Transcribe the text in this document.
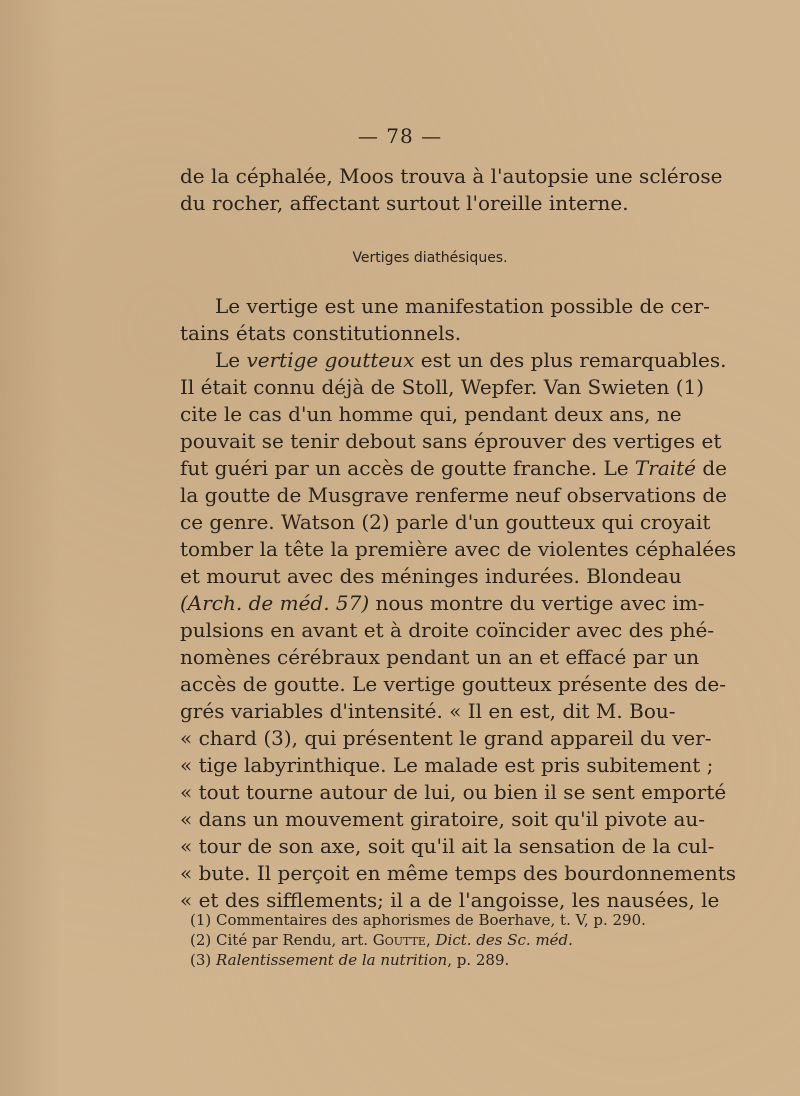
— 78 —
de la céphalée, Moos trouva à l'autopsie une sclérose
du rocher, affectant surtout l'oreille interne.
Vertiges diathésiques.
Le vertige est une manifestation possible de cer-
tains états constitutionnels.
Le vertige goutteux est un des plus remarquables.
Il était connu déjà de Stoll, Wepfer. Van Swieten (1)
cite le cas d'un homme qui, pendant deux ans, ne
pouvait se tenir debout sans éprouver des vertiges et
fut guéri par un accès de goutte franche. Le Traité de
la goutte de Musgrave renferme neuf observations de
ce genre. Watson (2) parle d'un goutteux qui croyait
tomber la tête la première avec de violentes céphalées
et mourut avec des méninges indurées. Blondeau
(Arch. de méd. 57) nous montre du vertige avec im-
pulsions en avant et à droite coïncider avec des phé-
nomènes cérébraux pendant un an et effacé par un
accès de goutte. Le vertige goutteux présente des de-
grés variables d'intensité. « Il en est, dit M. Bou-
« chard (3), qui présentent le grand appareil du ver-
« tige labyrinthique. Le malade est pris subitement ;
« tout tourne autour de lui, ou bien il se sent emporté
« dans un mouvement giratoire, soit qu'il pivote au-
« tour de son axe, soit qu'il ait la sensation de la cul-
« bute. Il perçoit en même temps des bourdonnements
« et des sifflements; il a de l'angoisse, les nausées, le
(1) Commentaires des aphorismes de Boerhave, t. V, p. 290.
(2) Cité par Rendu, art. Goutte, Dict. des Sc. méd.
(3) Ralentissement de la nutrition, p. 289.
